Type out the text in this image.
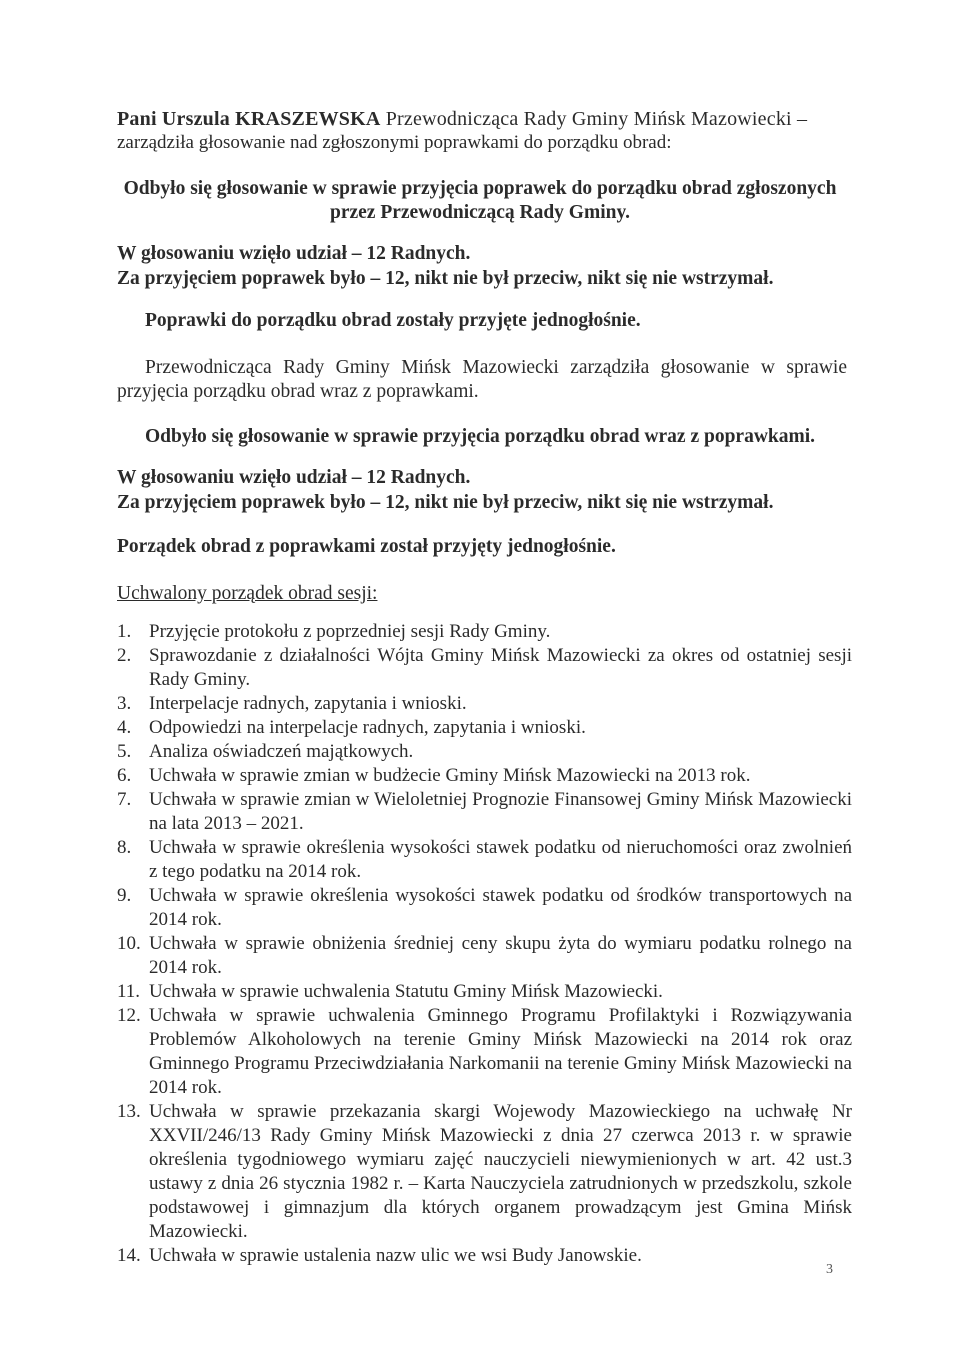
Pani Urszula KRASZEWSKA Przewodnicząca Rady Gminy Mińsk Mazowiecki –
zarządziła głosowanie nad zgłoszonymi poprawkami do porządku obrad:
Odbyło się głosowanie w sprawie przyjęcia poprawek do porządku obrad zgłoszonych
przez Przewodniczącą Rady Gminy.
W głosowaniu wzięło udział – 12 Radnych.
Za przyjęciem poprawek było – 12, nikt nie był przeciw, nikt się nie wstrzymał.
Poprawki do porządku obrad zostały przyjęte jednogłośnie.
Przewodnicząca Rady Gminy Mińsk Mazowiecki zarządziła głosowanie w sprawie przyjęcia porządku obrad wraz z poprawkami.
Odbyło się głosowanie w sprawie przyjęcia porządku obrad wraz z poprawkami.
W głosowaniu wzięło udział – 12 Radnych.
Za przyjęciem poprawek było – 12, nikt nie był przeciw, nikt się nie wstrzymał.
Porządek obrad z poprawkami został przyjęty jednogłośnie.
Uchwalony porządek obrad sesji:
1. Przyjęcie protokołu z poprzedniej sesji Rady Gminy.
2. Sprawozdanie z działalności Wójta Gminy Mińsk Mazowiecki za okres od ostatniej sesji Rady Gminy.
3. Interpelacje radnych, zapytania i wnioski.
4. Odpowiedzi na interpelacje radnych, zapytania i wnioski.
5. Analiza oświadczeń majątkowych.
6. Uchwała w sprawie zmian w budżecie Gminy Mińsk Mazowiecki na 2013 rok.
7. Uchwała w sprawie zmian w Wieloletniej Prognozie Finansowej Gminy Mińsk Mazowiecki na lata 2013 – 2021.
8. Uchwała w sprawie określenia wysokości stawek podatku od nieruchomości oraz zwolnień z tego podatku na 2014 rok.
9. Uchwała w sprawie określenia wysokości stawek podatku od środków transportowych na 2014 rok.
10. Uchwała w sprawie obniżenia średniej ceny skupu żyta do wymiaru podatku rolnego na 2014 rok.
11. Uchwała w sprawie uchwalenia Statutu Gminy Mińsk Mazowiecki.
12. Uchwała w sprawie uchwalenia Gminnego Programu Profilaktyki i Rozwiązywania Problemów Alkoholowych na terenie Gminy Mińsk Mazowiecki na 2014 rok oraz Gminnego Programu Przeciwdziałania Narkomanii na terenie Gminy Mińsk Mazowiecki na 2014 rok.
13. Uchwała w sprawie przekazania skargi Wojewody Mazowieckiego na uchwałę Nr XXVII/246/13 Rady Gminy Mińsk Mazowiecki z dnia 27 czerwca 2013 r. w sprawie określenia tygodniowego wymiaru zajęć nauczycieli niewymienionych w art. 42 ust.3 ustawy z dnia 26 stycznia 1982 r. – Karta Nauczyciela zatrudnionych w przedszkolu, szkole podstawowej i gimnazjum dla których organem prowadzącym jest Gmina Mińsk Mazowiecki.
14. Uchwała w sprawie ustalenia nazw ulic we wsi Budy Janowskie.
3
